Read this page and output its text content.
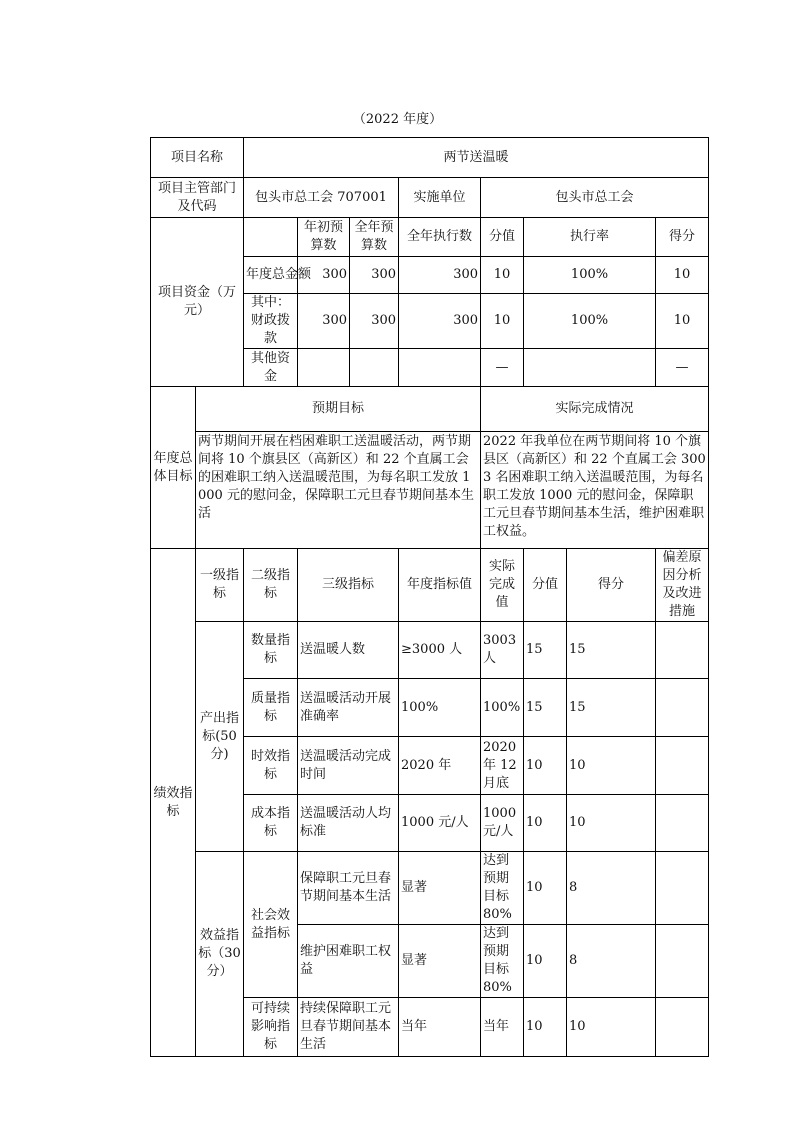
（2022 年度）
项目名称		两节送温暖							
项目主管部门及代码		包头市总工会 707001			实施单位	包头市总工会			
项目资金（万元）			年初预算数	全年预算数	全年执行数	分值	执行率		得分
		年度总金额	300	300	300	10	100%		10
		其中：财政拨款	300	300	300	10	100%		10
		其他资金				—			—
年度总体目标	预期目标					实际完成情况			
	两节期间开展在档困难职工送温暖活动，两节期间将 10 个旗县区（高新区）和 22 个直属工会的困难职工纳入送温暖范围，为每名职工发放 1000 元的慰问金，保障职工元旦春节期间基本生活					2022 年我单位在两节期间将 10 个旗县区（高新区）和 22 个直属工会 3003 名困难职工纳入送温暖范围，为每名职工发放 1000 元的慰问金，保障职工元旦春节期间基本生活，维护困难职工权益。			
绩效指标	一级指标	二级指标	三级指标		年度指标值	实际完成值	分值	得分	偏差原因分析及改进措施
	产出指标(50 分)	数量指标	送温暖人数		≥3000 人	3003 人	15	15	
		质量指标	送温暖活动开展准确率		100%	100%	15	15	
		时效指标	送温暖活动完成时间		2020 年	2020 年 12 月底	10	10	
		成本指标	送温暖活动人均标准		1000 元/人	1000 元/人	10	10	
	效益指标（30 分）	社会效益指标	保障职工元旦春节期间基本生活		显著	达到预期目标 80%	10	8	
			维护困难职工权益		显著	达到预期目标 80%	10	8	
		可持续影响指标	持续保障职工元旦春节期间基本生活		当年	当年	10	10	
